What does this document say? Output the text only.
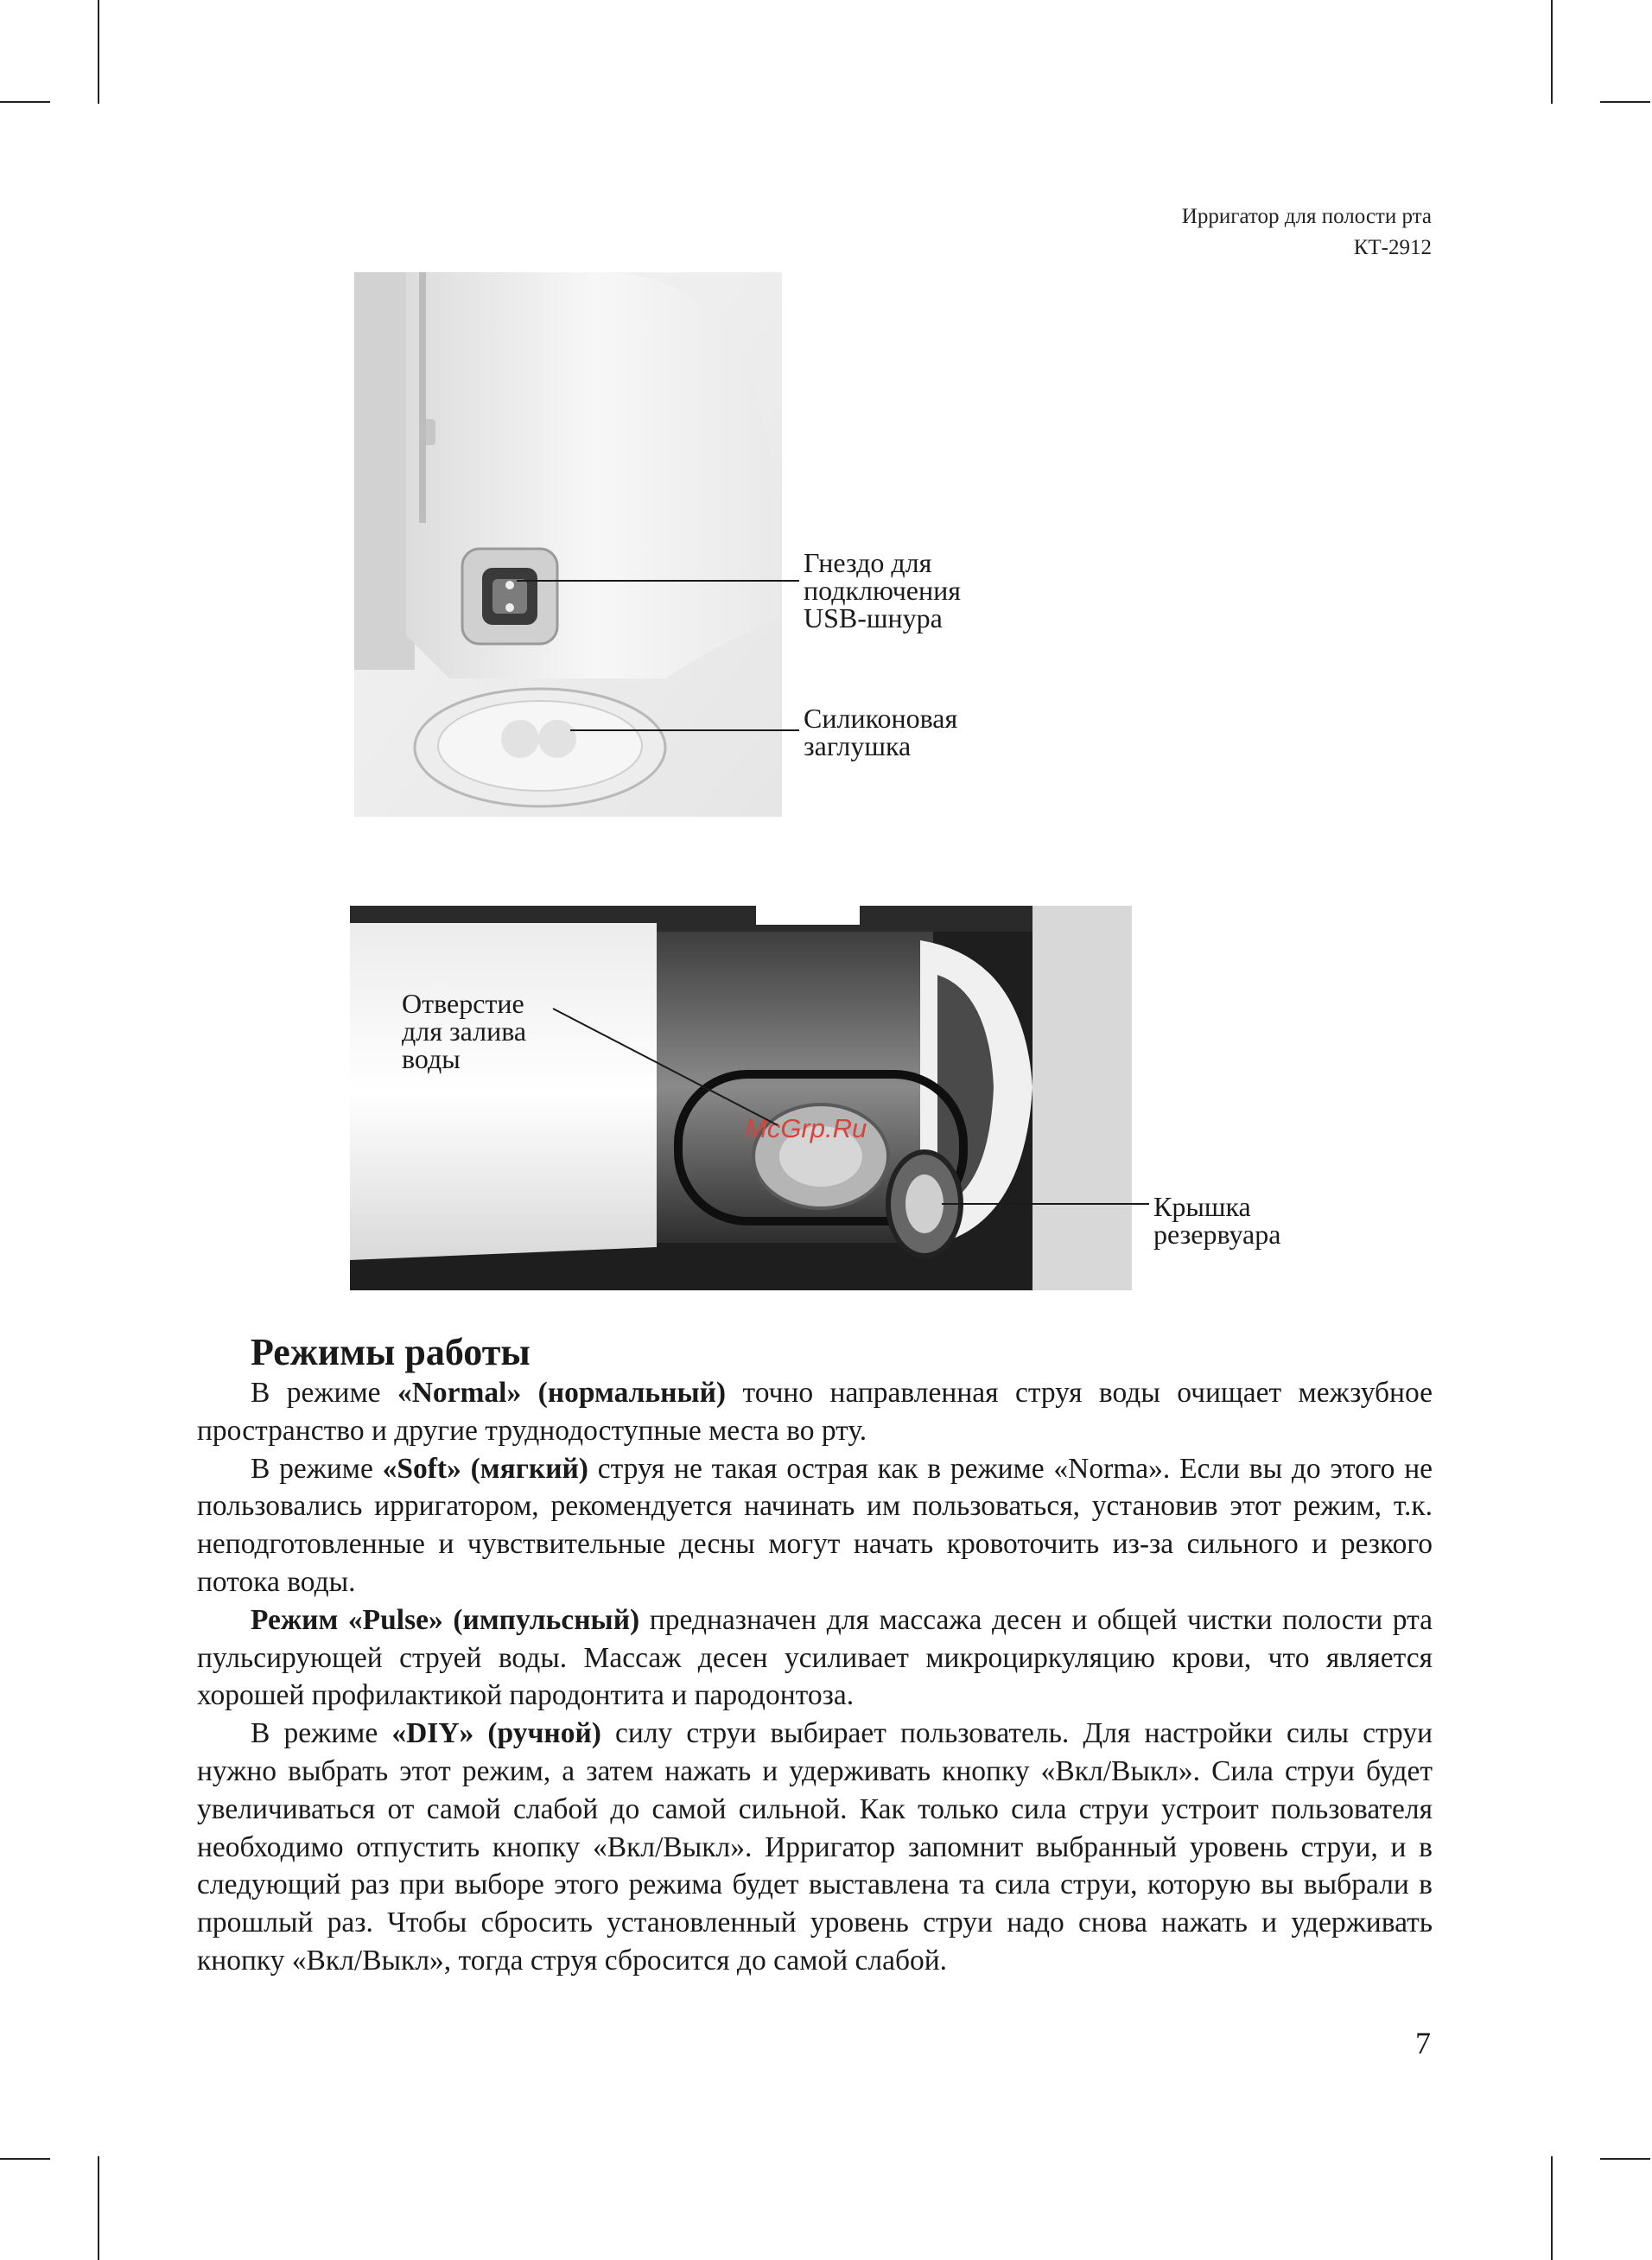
Ирригатор для полости рта
КТ-2912
Гнездо для
подключения
USB-шнура
Силиконовая
заглушка
McGrp.Ru
Отверстие
для залива
воды
Крышка
резервуара
Режимы работы

В режиме «Normal» (нормальный) точно направленная струя воды очищает межзубное пространство и другие труднодоступные места во рту.

В режиме «Soft» (мягкий) струя не такая острая как в режиме «Norma». Если вы до этого не пользовались ирригатором, рекомендуется начинать им пользоваться, установив этот режим, т.к. неподготовленные и чувствительные десны могут начать кровоточить из-за сильного и резкого потока воды.

Режим «Pulse» (импульсный) предназначен для массажа десен и общей чистки полости рта пульсирующей струей воды. Массаж десен усиливает микроциркуляцию крови, что является хорошей профилактикой пародонтита и пародонтоза.

В режиме «DIY» (ручной) силу струи выбирает пользователь. Для настройки силы струи нужно выбрать этот режим, а затем нажать и удерживать кнопку «Вкл/Выкл». Сила струи будет увеличиваться от самой слабой до самой сильной. Как только сила струи устроит пользователя необходимо отпустить кнопку «Вкл/Выкл». Ирригатор запомнит выбранный уровень струи, и в следующий раз при выборе этого режима будет выставлена та сила струи, которую вы выбрали в прошлый раз. Чтобы сбросить установленный уровень струи надо снова нажать и удерживать кнопку «Вкл/Выкл», тогда струя сбросится до самой слабой.

7
